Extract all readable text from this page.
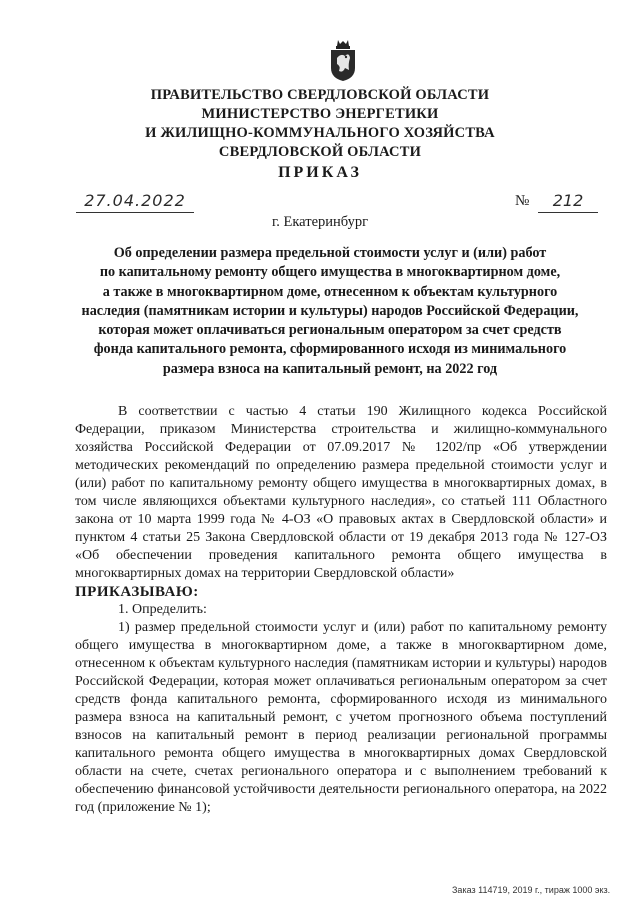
ПРАВИТЕЛЬСТВО СВЕРДЛОВСКОЙ ОБЛАСТИ
МИНИСТЕРСТВО ЭНЕРГЕТИКИ
И ЖИЛИЩНО-КОММУНАЛЬНОГО ХОЗЯЙСТВА
СВЕРДЛОВСКОЙ ОБЛАСТИ
ПРИКАЗ
27.04.2022	№	212
г. Екатеринбург
Об определении размера предельной стоимости услуг и (или) работ
по капитальному ремонту общего имущества в многоквартирном доме,
а также в многоквартирном доме, отнесенном к объектам культурного
наследия (памятникам истории и культуры) народов Российской Федерации,
которая может оплачиваться региональным оператором за счет средств
фонда капитального ремонта, сформированного исходя из минимального
размера взноса на капитальный ремонт, на 2022 год

В соответствии с частью 4 статьи 190 Жилищного кодекса Российской Федерации, приказом Министерства строительства и жилищно-коммунального хозяйства Российской Федерации от 07.09.2017 № 1202/пр «Об утверждении методических рекомендаций по определению размера предельной стоимости услуг и (или) работ по капитальному ремонту общего имущества в многоквартирных домах, в том числе являющихся объектами культурного наследия», со статьей 111 Областного закона от 10 марта 1999 года № 4-ОЗ «О правовых актах в Свердловской области» и пунктом 4 статьи 25 Закона Свердловской области от 19 декабря 2013 года № 127-ОЗ «Об обеспечении проведения капитального ремонта общего имущества в многоквартирных домах на территории Свердловской области»

ПРИКАЗЫВАЮ:

1. Определить:

1) размер предельной стоимости услуг и (или) работ по капитальному ремонту общего имущества в многоквартирном доме, а также в многоквартирном доме, отнесенном к объектам культурного наследия (памятникам истории и культуры) народов Российской Федерации, которая может оплачиваться региональным оператором за счет средств фонда капитального ремонта, сформированного исходя из минимального размера взноса на капитальный ремонт, с учетом прогнозного объема поступлений взносов на капитальный ремонт в период реализации региональной программы капитального ремонта общего имущества в многоквартирных домах Свердловской области на счете, счетах регионального оператора и с выполнением требований к обеспечению финансовой устойчивости деятельности регионального оператора, на 2022 год (приложение № 1);

Заказ 114719, 2019 г., тираж 1000 экз.
